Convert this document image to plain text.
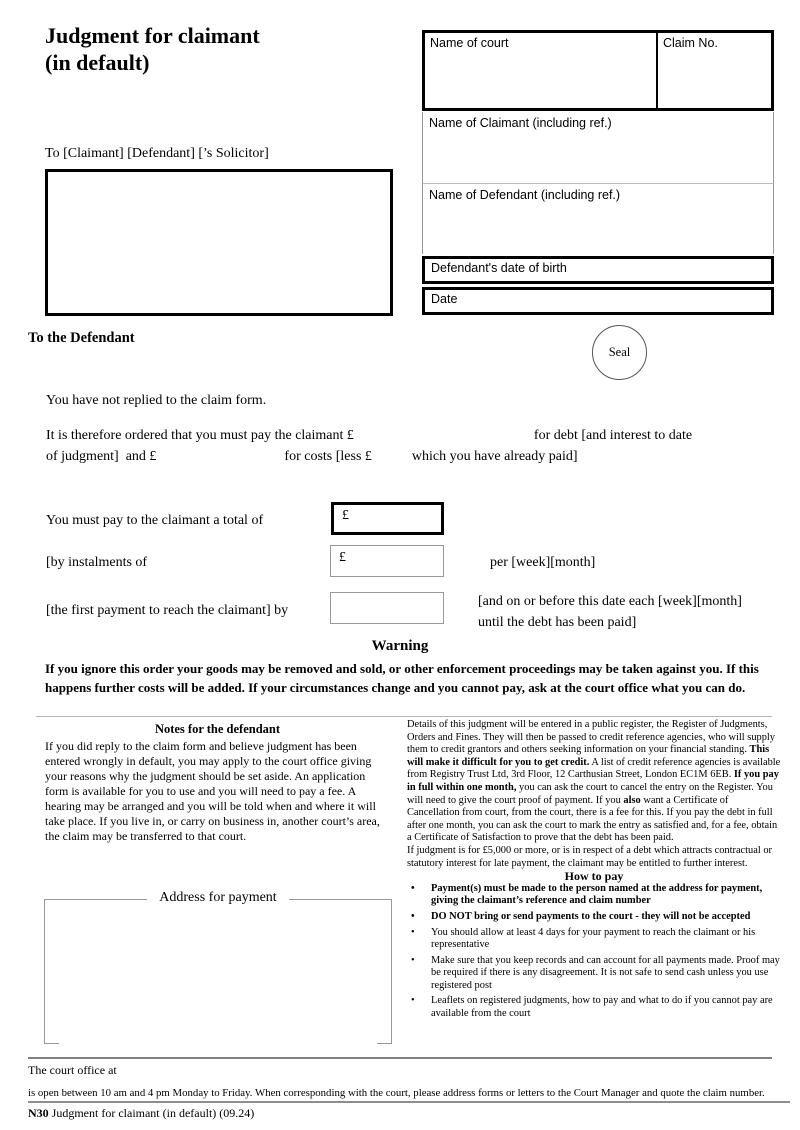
Judgment for claimant
(in default)
Name of court	Claim No.
Name of Claimant (including ref.)
Name of Defendant (including ref.)
Defendant's date of birth
Date
To [Claimant] [Defendant] [’s Solicitor]
To the Defendant
Seal
You have not replied to the claim form.
It is therefore ordered that you must pay the claimant £	for debt [and interest to date
of judgment]  and £	for costs [less £	which you have already paid]
You must pay to the claimant a total of	£
[by instalments of	£	per [week][month]
[the first payment to reach the claimant] by
[and on or before this date each [week][month]
until the debt has been paid]
Warning
If you ignore this order your goods may be removed and sold, or other enforcement proceedings may be taken against you. If this happens further costs will be added. If your circumstances change and you cannot pay, ask at the court office what you can do.

Notes for the defendant

If you did reply to the claim form and believe judgment has been entered wrongly in default, you may apply to the court office giving your reasons why the judgment should be set aside. An application form is available for you to use and you will need to pay a fee. A hearing may be arranged and you will be told when and where it will take place. If you live in, or carry on business in, another court’s area, the claim may be transferred to that court.

Address for payment

Details of this judgment will be entered in a public register, the Register of Judgments, Orders and Fines. They will then be passed to credit reference agencies, who will supply them to credit grantors and others seeking information on your financial standing. This will make it difficult for you to get credit. A list of credit reference agencies is available from Registry Trust Ltd, 3rd Floor, 12 Carthusian Street, London EC1M 6EB. If you pay in full within one month, you can ask the court to cancel the entry on the Register. You will need to give the court proof of payment. If you also want a Certificate of Cancellation from court, from the court, there is a fee for this. If you pay the debt in full after one month, you can ask the court to mark the entry as satisfied and, for a fee, obtain a Certificate of Satisfaction to prove that the debt has been paid.

If judgment is for £5,000 or more, or is in respect of a debt which attracts contractual or statutory interest for late payment, the claimant may be entitled to further interest.

How to pay

•	Payment(s) must be made to the person named at the address for payment, giving the claimant’s reference and claim number
•	DO NOT bring or send payments to the court - they will not be accepted
•	You should allow at least 4 days for your payment to reach the claimant or his representative
•	Make sure that you keep records and can account for all payments made. Proof may be required if there is any disagreement. It is not safe to send cash unless you use registered post
•	Leaflets on registered judgments, how to pay and what to do if you cannot pay are available from the court
The court office at
is open between 10 am and 4 pm Monday to Friday. When corresponding with the court, please address forms or letters to the Court Manager and quote the claim number.
N30 Judgment for claimant (in default) (09.24)
